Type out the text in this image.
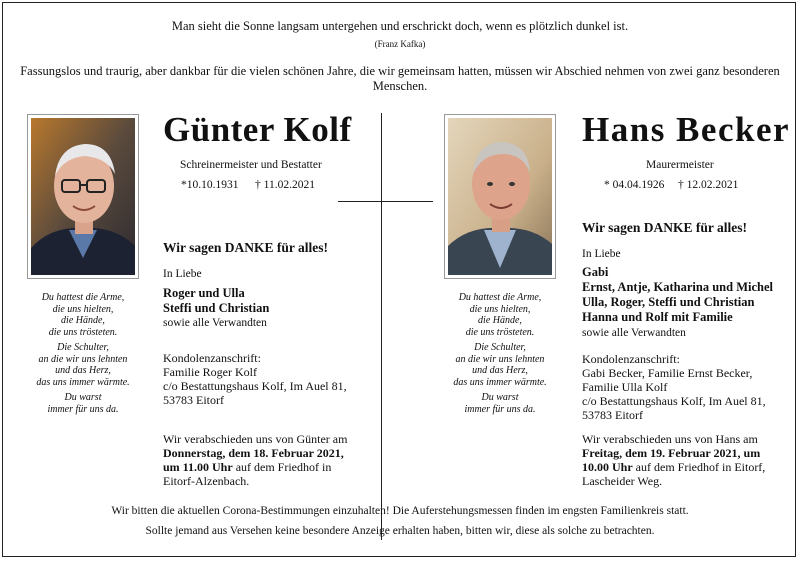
Man sieht die Sonne langsam untergehen und erschrickt doch, wenn es plötzlich dunkel ist.
(Franz Kafka)
Fassungslos und traurig, aber dankbar für die vielen schönen Jahre, die wir gemeinsam hatten, müssen wir Abschied nehmen von zwei ganz besonderen Menschen.
Günter Kolf
Schreinermeister und Bestatter
*10.10.1931 † 11.02.2021
Wir sagen DANKE für alles!
In Liebe
Roger und Ulla
Steffi und Christian
sowie alle Verwandten
Kondolenzanschrift:
Familie Roger Kolf
c/o Bestattungshaus Kolf, Im Auel 81,
53783 Eitorf
Wir verabschieden uns von Günter am
Donnerstag, dem 18. Februar 2021,
um 11.00 Uhr auf dem Friedhof in
Eitorf-Alzenbach.

Du hattest die Arme,
die uns hielten,
die Hände,
die uns trösteten.

Die Schulter,
an die wir uns lehnten
und das Herz,
das uns immer wärmte.

Du warst
immer für uns da.

Hans Becker
Maurermeister
* 04.04.1926 † 12.02.2021
Wir sagen DANKE für alles!
In Liebe
Gabi
Ernst, Antje, Katharina und Michel
Ulla, Roger, Steffi und Christian
Hanna und Rolf mit Familie
sowie alle Verwandten
Kondolenzanschrift:
Gabi Becker, Familie Ernst Becker,
Familie Ulla Kolf
c/o Bestattungshaus Kolf, Im Auel 81,
53783 Eitorf
Wir verabschieden uns von Hans am
Freitag, dem 19. Februar 2021, um
10.00 Uhr auf dem Friedhof in Eitorf,
Lascheider Weg.

Du hattest die Arme,
die uns hielten,
die Hände,
die uns trösteten.

Die Schulter,
an die wir uns lehnten
und das Herz,
das uns immer wärmte.

Du warst
immer für uns da.

Wir bitten die aktuellen Corona-Bestimmungen einzuhalten! Die Auferstehungsmessen finden im engsten Familienkreis statt.
Sollte jemand aus Versehen keine besondere Anzeige erhalten haben, bitten wir, diese als solche zu betrachten.
